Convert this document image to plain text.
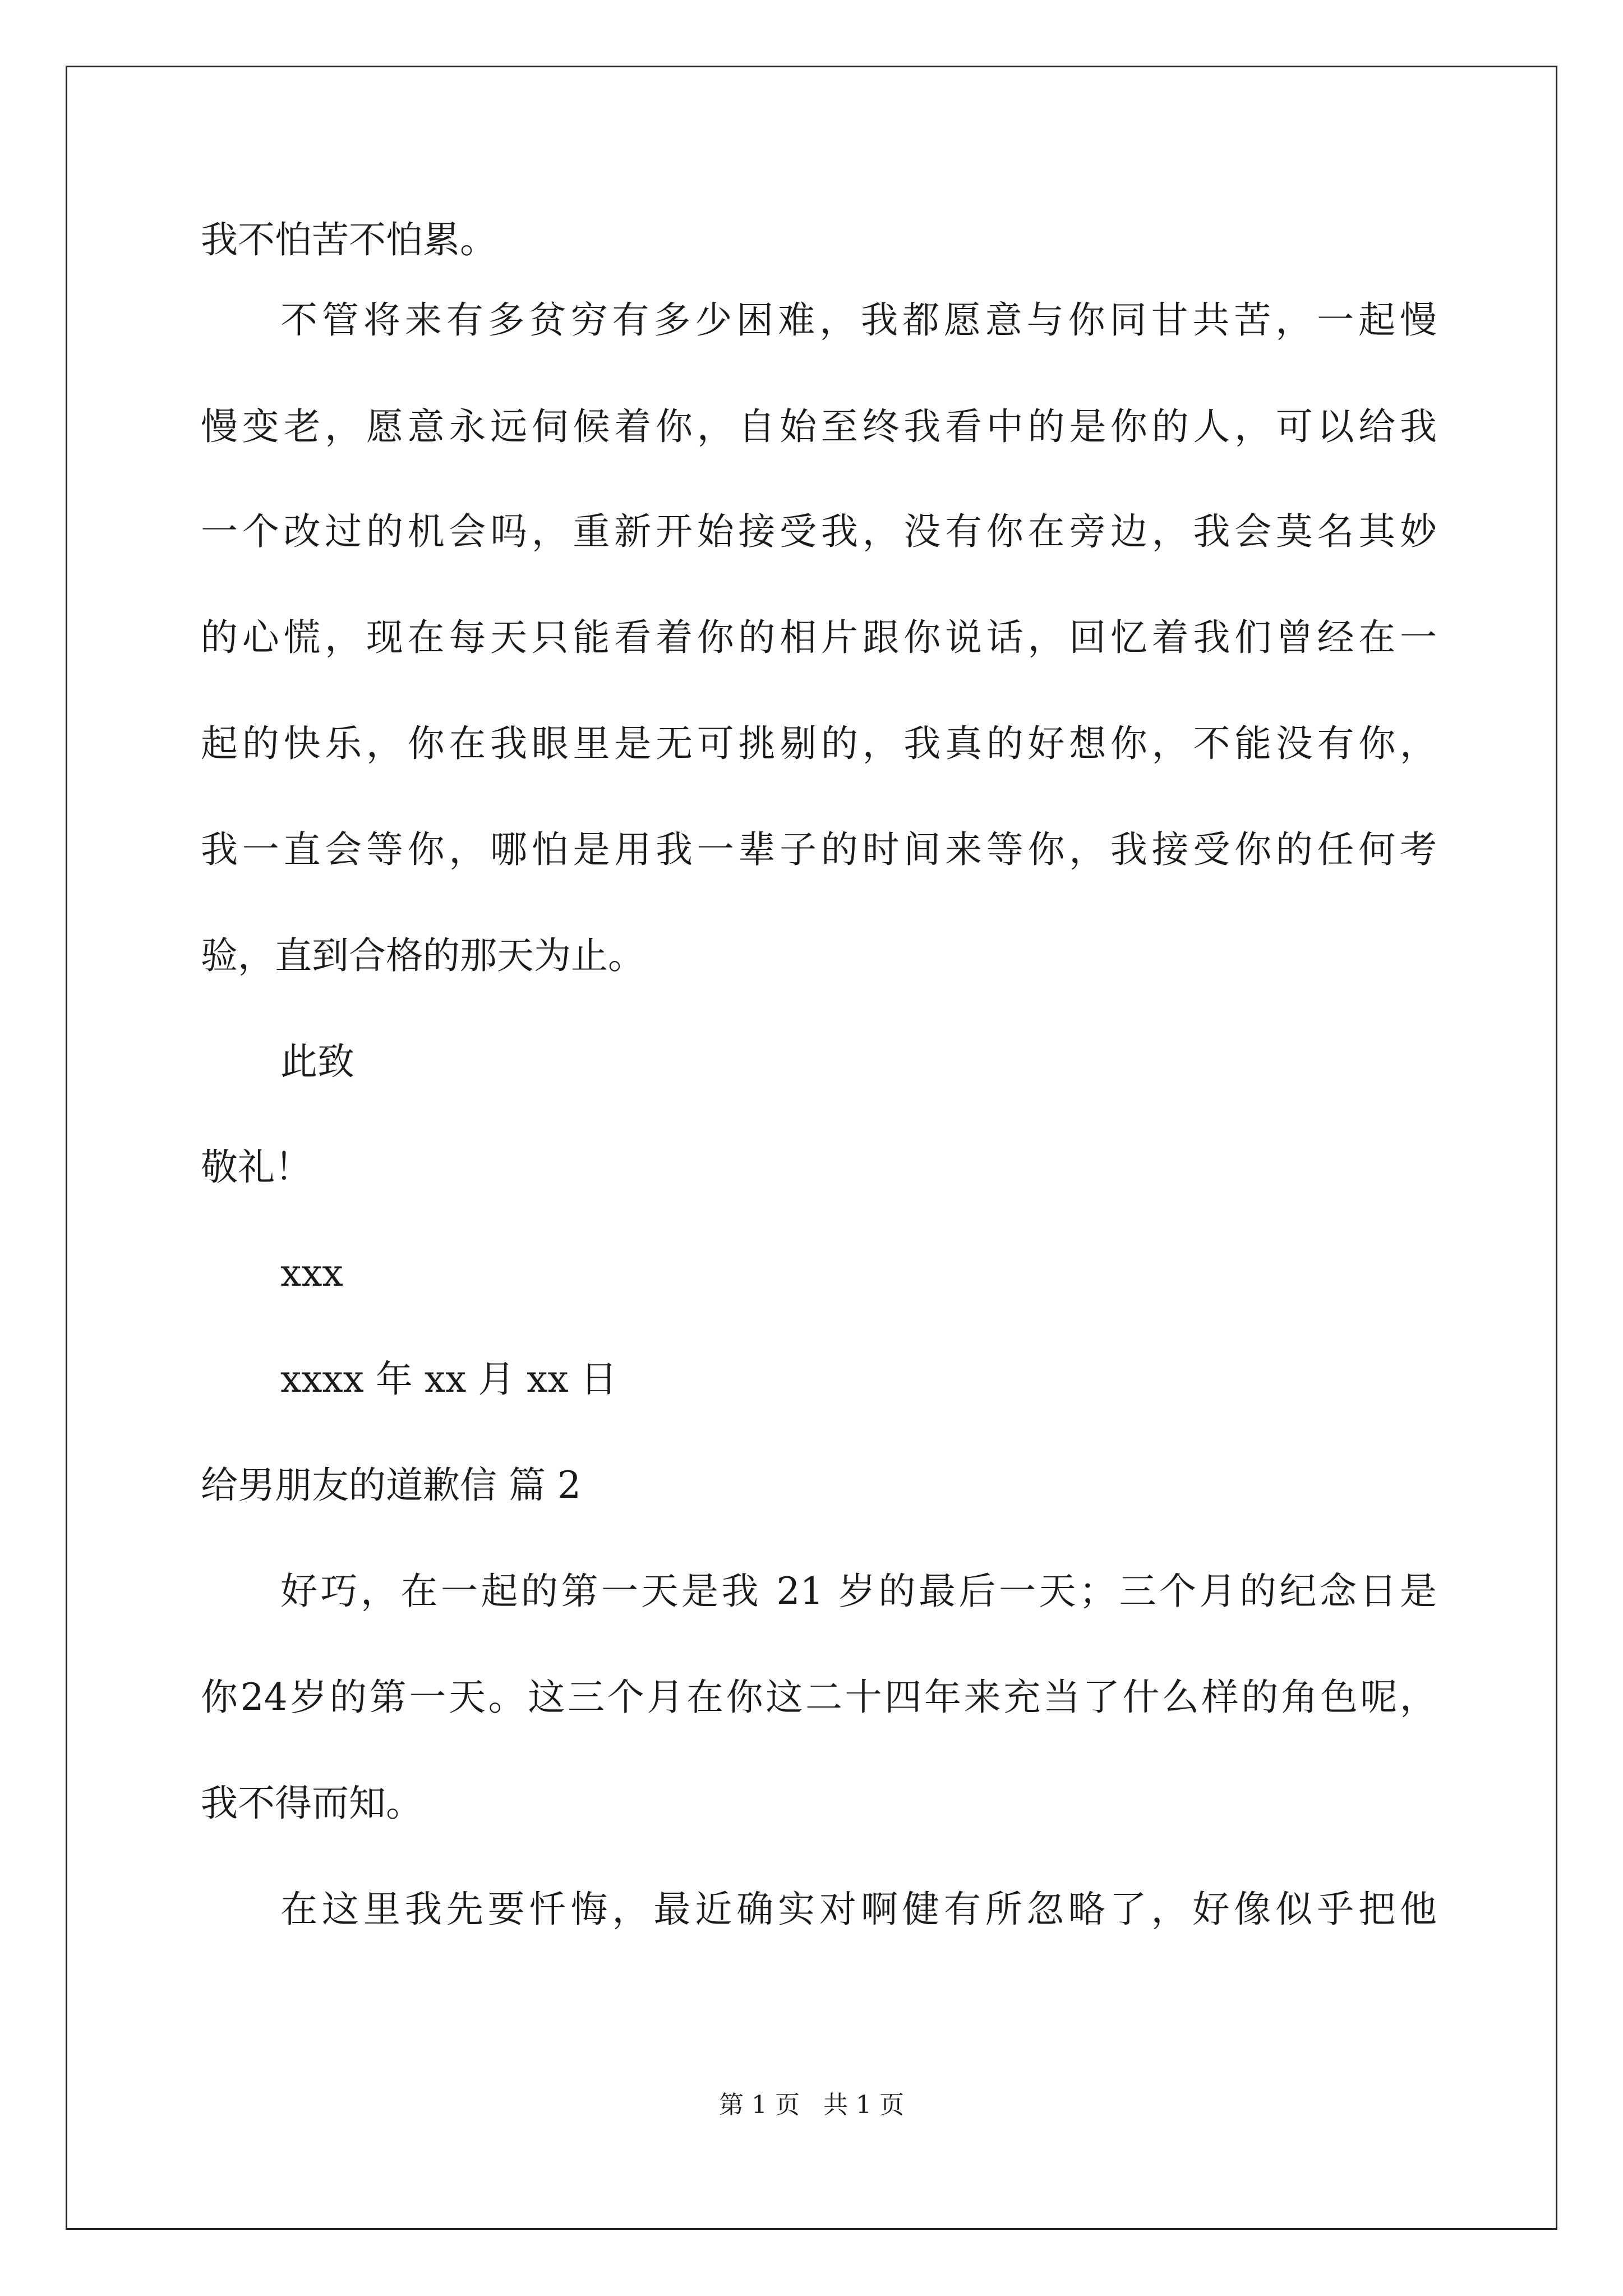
我不怕苦不怕累。
不管将来有多贫穷有多少困难，我都愿意与你同甘共苦，一起慢
慢变老，愿意永远伺候着你，自始至终我看中的是你的人，可以给我
一个改过的机会吗，重新开始接受我，没有你在旁边，我会莫名其妙
的心慌，现在每天只能看着你的相片跟你说话，回忆着我们曾经在一
起的快乐，你在我眼里是无可挑剔的，我真的好想你，不能没有你，
我一直会等你，哪怕是用我一辈子的时间来等你，我接受你的任何考
验，直到合格的那天为止。
此致
敬礼！
xxx
xxxx 年 xx 月 xx 日
给男朋友的道歉信 篇 2
好巧，在一起的第一天是我 21 岁的最后一天；三个月的纪念日是
你24岁的第一天。这三个月在你这二十四年来充当了什么样的角色呢，
我不得而知。
在这里我先要忏悔，最近确实对啊健有所忽略了，好像似乎把他
第 1 页   共 1 页
